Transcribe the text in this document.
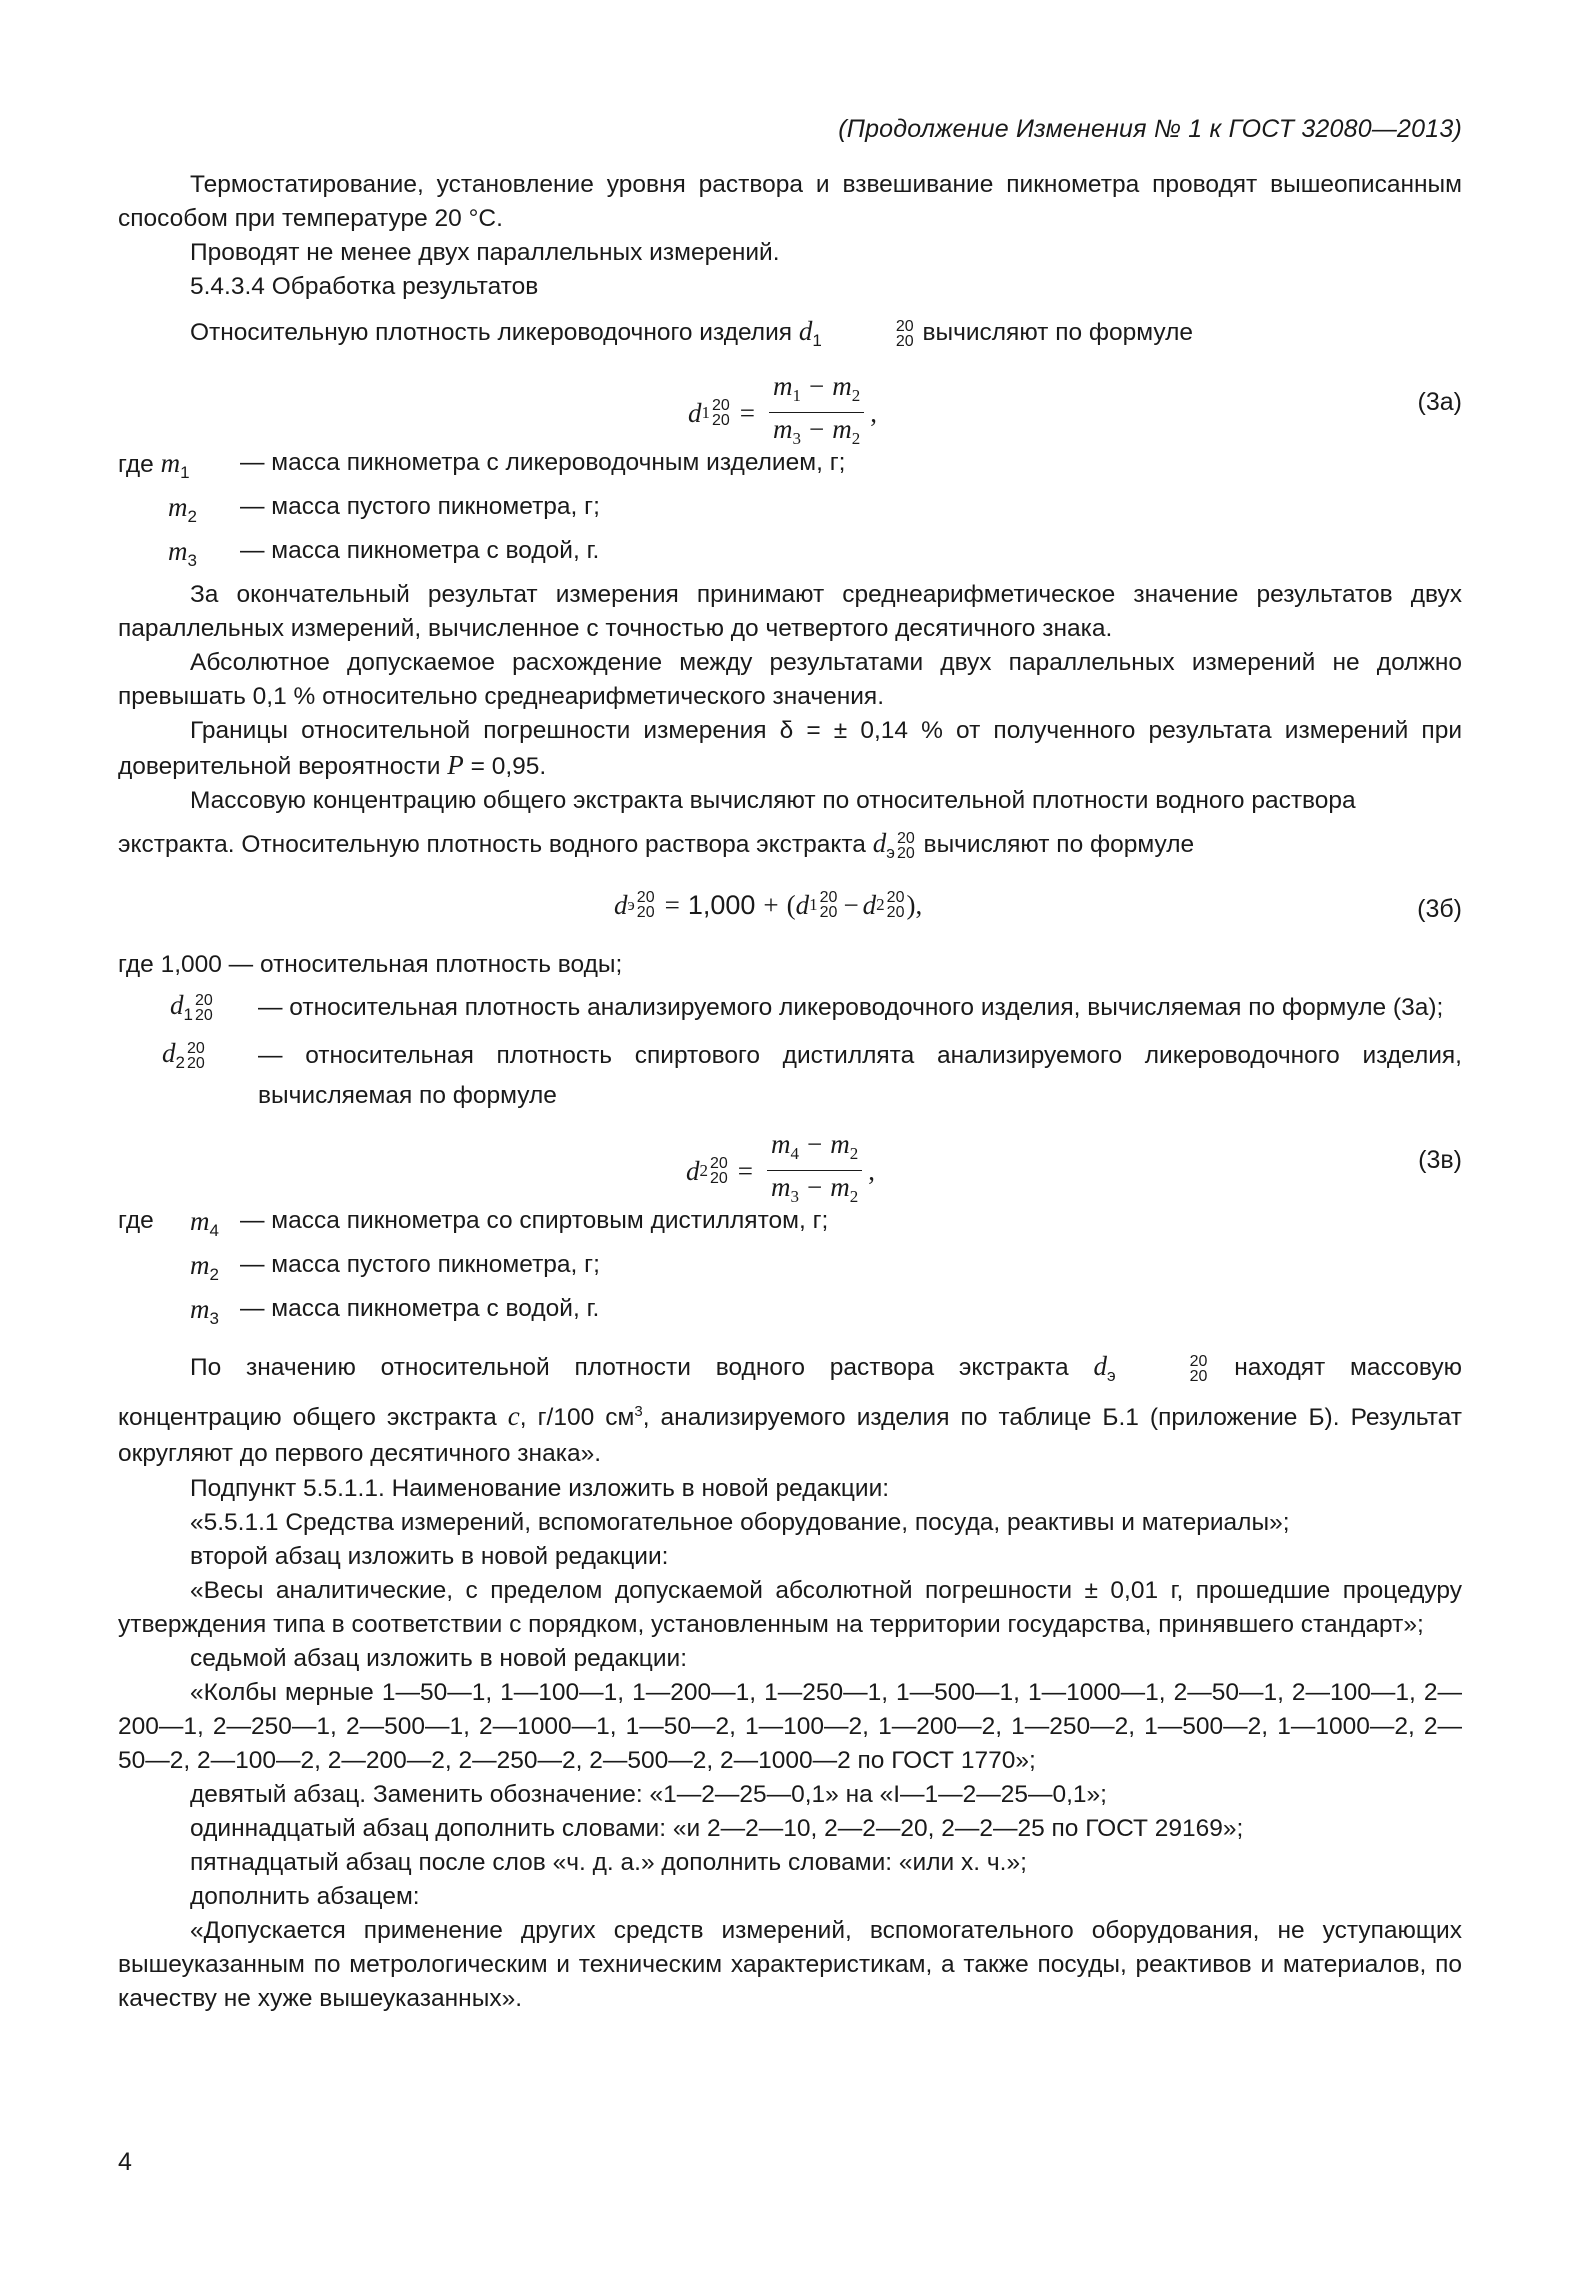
(Продолжение Изменения № 1 к ГОСТ 32080—2013)

Термостатирование, установление уровня раствора и взвешивание пикнометра проводят вышеописанным способом при температуре 20 °С.

Проводят не менее двух параллельных измерений.

5.4.3.4 Обработка результатов

Относительную плотность ликероводочного изделия $d_1$
20
20 вычисляют по формуле

d 1 20
$20 = \frac{m_1 - m_2}{m_3 - m_2}$ ,	(3а)
где $m_1$	— масса пикнометра с ликероводочным изделием, г;
$m_2$	— масса пустого пикнометра, г;
$m_3$	— масса пикнометра с водой, г.

За окончательный результат измерения принимают среднеарифметическое значение результатов двух параллельных измерений, вычисленное с точностью до четвертого десятичного знака.

Абсолютное допускаемое расхождение между результатами двух параллельных измерений не должно превышать 0,1 % относительно среднеарифметического значения.

Границы относительной погрешности измерения δ = ± 0,14 % от полученного результата измерений при доверительной вероятности P = 0,95.

Массовую концентрацию общего экстракта вычисляют по относительной плотности водного раствора

экстракта. Относительную плотность водного раствора экстракта $d_э$
20
20 вычисляют по формуле

d э 20
20 = 1,000 + ( d 1 20
20 − d 2 20
20 ) ,	(3б)

где 1,000 — относительная плотность воды;

$d_1$
20
20	— относительная плотность анализируемого ликероводочного изделия, вычисляемая по формуле (3а);
$d_2$
20
20	— относительная плотность спиртового дистиллята анализируемого ликероводочного изделия, вычисляемая по формуле
d 2 20
$20 = \frac{m_4 - m_2}{m_3 - m_2}$ ,	(3в)
где	$m_4$ — масса пикнометра со спиртовым дистиллятом, г;
$m_2$ — масса пустого пикнометра, г;
$m_3$ — масса пикнометра с водой, г.

По значению относительной плотности водного раствора экстракта $d_э$
20
20 находят массовую концентрацию общего экстракта c, г/100 $см^3$, анализируемого изделия по таблице Б.1 (приложение Б). Результат округляют до первого десятичного знака».

Подпункт 5.5.1.1. Наименование изложить в новой редакции:

«5.5.1.1 Средства измерений, вспомогательное оборудование, посуда, реактивы и материалы»;

второй абзац изложить в новой редакции:

«Весы аналитические, с пределом допускаемой абсолютной погрешности ± 0,01 г, прошедшие процедуру утверждения типа в соответствии с порядком, установленным на территории государства, принявшего стандарт»;

седьмой абзац изложить в новой редакции:

«Колбы мерные 1—50—1, 1—100—1, 1—200—1, 1—250—1, 1—500—1, 1—1000—1, 2—50—1, 2—100—1, 2—200—1, 2—250—1, 2—500—1, 2—1000—1, 1—50—2, 1—100—2, 1—200—2, 1—250—2, 1—500—2, 1—1000—2, 2—50—2, 2—100—2, 2—200—2, 2—250—2, 2—500—2, 2—1000—2 по ГОСТ 1770»;

девятый абзац. Заменить обозначение: «1—2—25—0,1» на «I—1—2—25—0,1»;

одиннадцатый абзац дополнить словами: «и 2—2—10, 2—2—20, 2—2—25 по ГОСТ 29169»;

пятнадцатый абзац после слов «ч. д. а.» дополнить словами: «или х. ч.»;

дополнить абзацем:

«Допускается применение других средств измерений, вспомогательного оборудования, не уступающих вышеуказанным по метрологическим и техническим характеристикам, а также посуды, реактивов и материалов, по качеству не хуже вышеуказанных».

4
